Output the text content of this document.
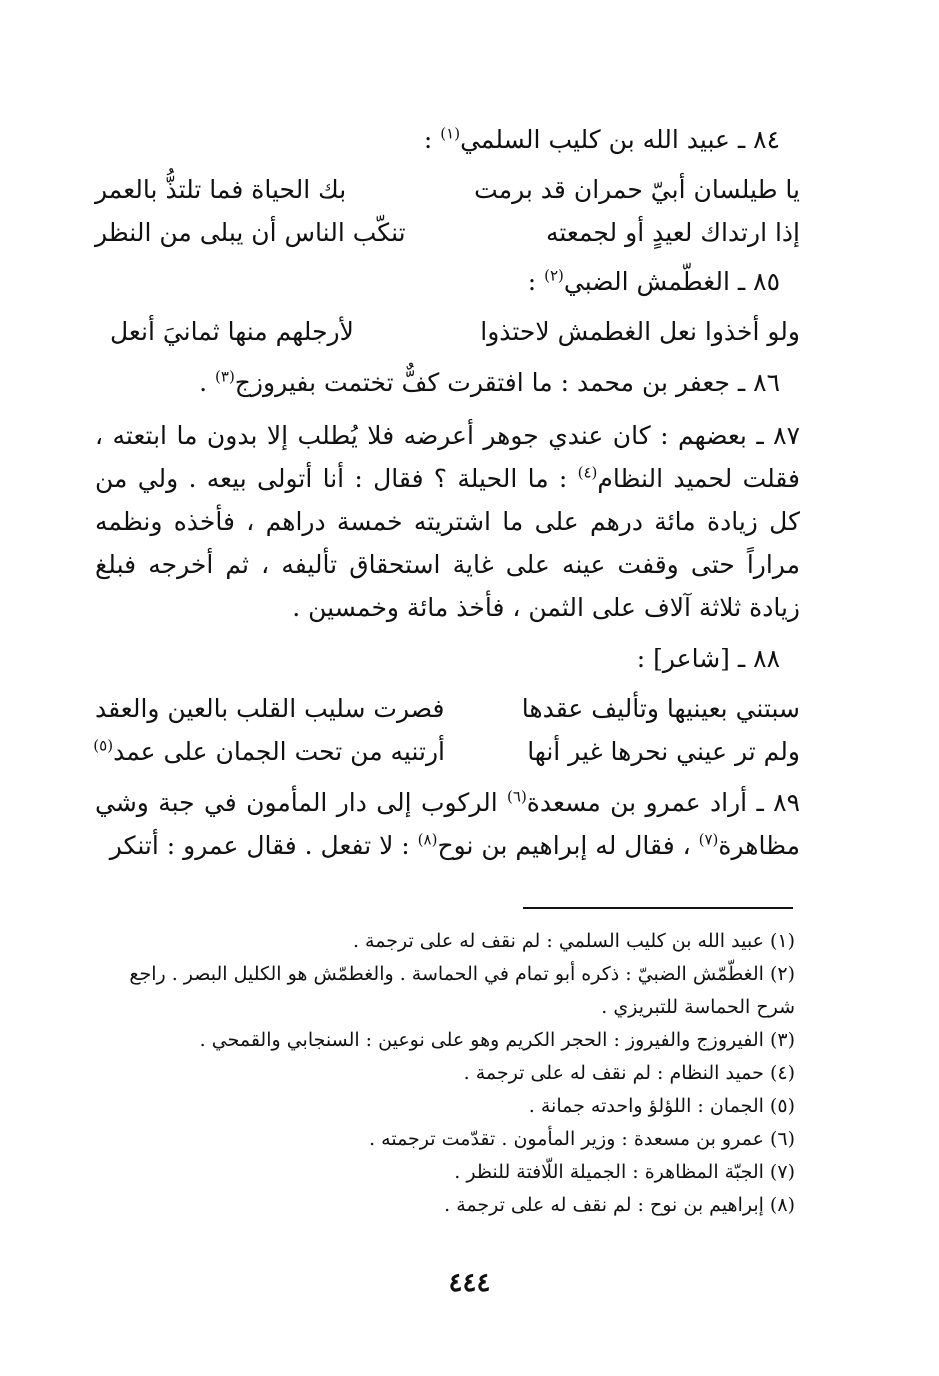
٨٤ ـ عبيد الله بن كليب السلمي$^{(١)}$ :
يا طيلسان أبيّ حمران قد برمت
بك الحياة فما تلتذُّ بالعمر
إذا ارتداك لعيدٍ أو لجمعته
تنكّب الناس أن يبلى من النظر
٨٥ ـ الغطّمش الضبي$^{(٢)}$ :
ولو أخذوا نعل الغطمش لاحتذوا
لأرجلهم منها ثمانيَ أنعل
٨٦ ـ جعفر بن محمد : ما افتقرت كفٌّ تختمت بفيروزج$^{(٣)}$ .
٨٧ ـ بعضهم : كان عندي جوهر أعرضه فلا يُطلب إلا بدون ما ابتعته ، فقلت لحميد النظام$^{(٤)}$ : ما الحيلة ؟ فقال : أنا أتولى بيعه . ولي من كل زيادة مائة درهم على ما اشتريته خمسة دراهم ، فأخذه ونظمه مراراً حتى وقفت عينه على غاية استحقاق تأليفه ، ثم أخرجه فبلغ زيادة ثلاثة آلاف على الثمن ، فأخذ مائة وخمسين .
٨٨ ـ [شاعر] :
سبتني بعينيها وتأليف عقدها
فصرت سليب القلب بالعين والعقد
ولم تر عيني نحرها غير أنها
أرتنيه من تحت الجمان على عمد$^{(٥)}$
٨٩ ـ أراد عمرو بن مسعدة$^{(٦)}$ الركوب إلى دار المأمون في جبة وشي مظاهرة$^{(٧)}$ ، فقال له إبراهيم بن نوح$^{(٨)}$ : لا تفعل . فقال عمرو : أتنكر
(١) عبيد الله بن كليب السلمي : لم نقف له على ترجمة .
(٢) الغطّمّش الضبيّ : ذكره أبو تمام في الحماسة . والغطمّش هو الكليل البصر . راجع
شرح الحماسة للتبريزي .
(٣) الفيروزج والفيروز : الحجر الكريم وهو على نوعين : السنجابي والقمحي .
(٤) حميد النظام : لم نقف له على ترجمة .
(٥) الجمان : اللؤلؤ واحدته جمانة .
(٦) عمرو بن مسعدة : وزير المأمون . تقدّمت ترجمته .
(٧) الجبّة المظاهرة : الجميلة اللّافتة للنظر .
(٨) إبراهيم بن نوح : لم نقف له على ترجمة .
٤٤٤
